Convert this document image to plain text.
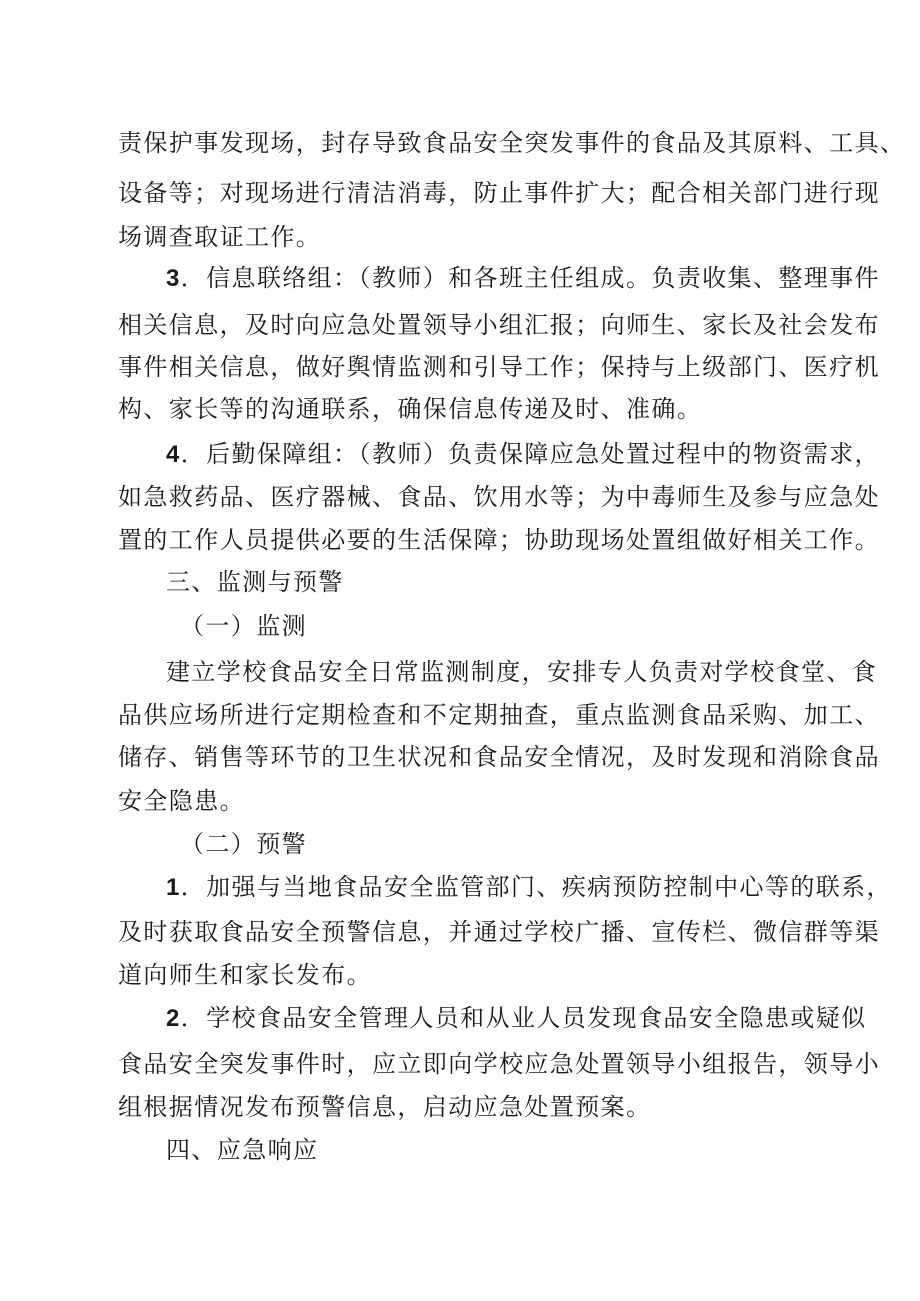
责保护事发现场，封存导致食品安全突发事件的食品及其原料、工具、
设备等；对现场进行清洁消毒，防止事件扩大；配合相关部门进行现
场调查取证工作。
3．信息联络组：（教师）和各班主任组成。负责收集、整理事件
相关信息，及时向应急处置领导小组汇报；向师生、家长及社会发布
事件相关信息，做好舆情监测和引导工作；保持与上级部门、医疗机
构、家长等的沟通联系，确保信息传递及时、准确。
4．后勤保障组：（教师）负责保障应急处置过程中的物资需求，
如急救药品、医疗器械、食品、饮用水等；为中毒师生及参与应急处
置的工作人员提供必要的生活保障；协助现场处置组做好相关工作。
三、监测与预警
（一）监测
建立学校食品安全日常监测制度，安排专人负责对学校食堂、食
品供应场所进行定期检查和不定期抽查，重点监测食品采购、加工、
储存、销售等环节的卫生状况和食品安全情况，及时发现和消除食品
安全隐患。
（二）预警
1．加强与当地食品安全监管部门、疾病预防控制中心等的联系，
及时获取食品安全预警信息，并通过学校广播、宣传栏、微信群等渠
道向师生和家长发布。
2．学校食品安全管理人员和从业人员发现食品安全隐患或疑似
食品安全突发事件时，应立即向学校应急处置领导小组报告，领导小
组根据情况发布预警信息，启动应急处置预案。
四、应急响应
